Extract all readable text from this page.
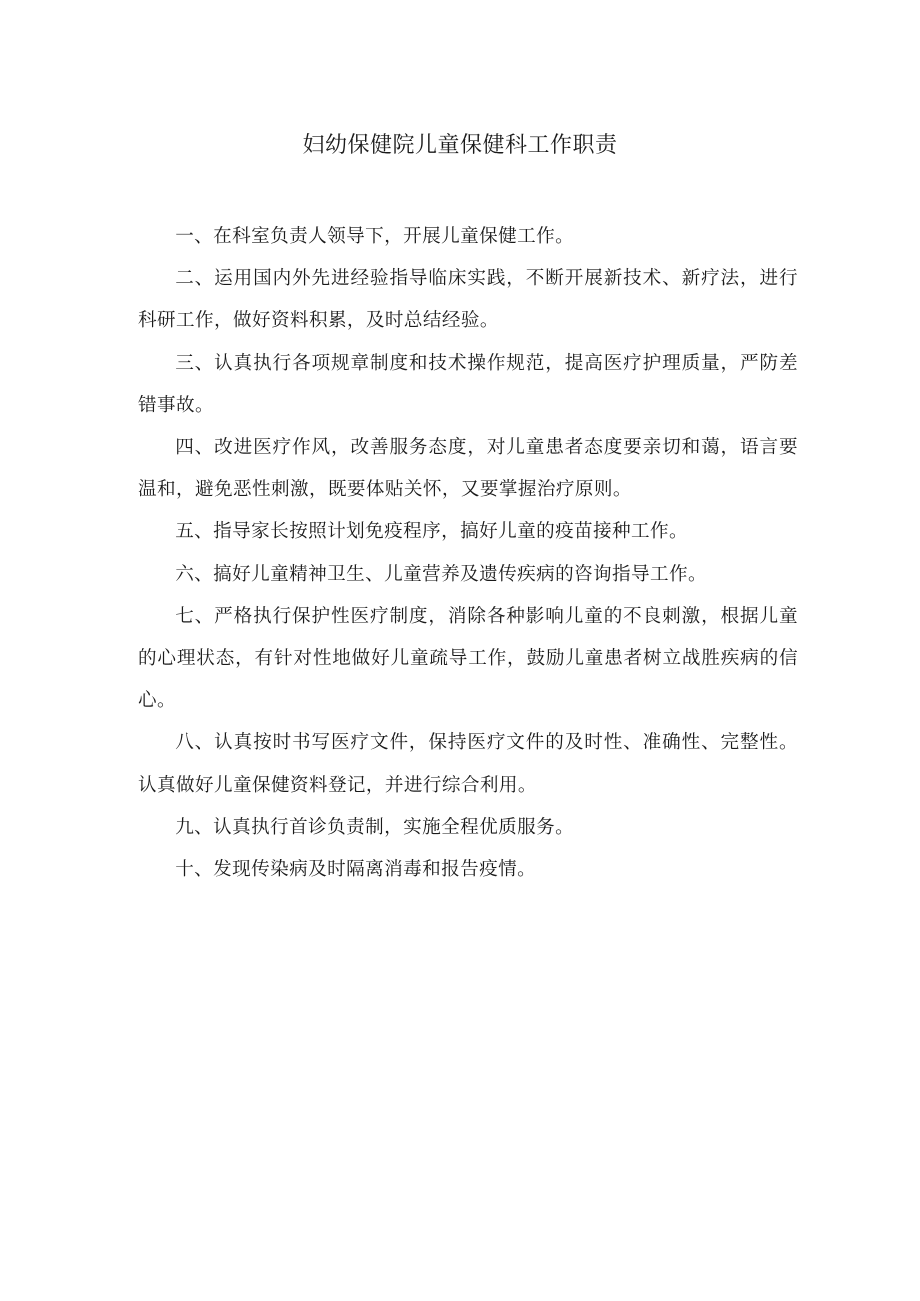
妇幼保健院儿童保健科工作职责

一、在科室负责人领导下，开展儿童保健工作。

二、运用国内外先进经验指导临床实践，不断开展新技术、新疗法，进行科研工作，做好资料积累，及时总结经验。

三、认真执行各项规章制度和技术操作规范，提高医疗护理质量，严防差错事故。

四、改进医疗作风，改善服务态度，对儿童患者态度要亲切和蔼，语言要温和，避免恶性刺激，既要体贴关怀，又要掌握治疗原则。

五、指导家长按照计划免疫程序，搞好儿童的疫苗接种工作。

六、搞好儿童精神卫生、儿童营养及遗传疾病的咨询指导工作。

七、严格执行保护性医疗制度，消除各种影响儿童的不良刺激，根据儿童的心理状态，有针对性地做好儿童疏导工作，鼓励儿童患者树立战胜疾病的信心。

八、认真按时书写医疗文件，保持医疗文件的及时性、准确性、完整性。认真做好儿童保健资料登记，并进行综合利用。

九、认真执行首诊负责制，实施全程优质服务。

十、发现传染病及时隔离消毒和报告疫情。
